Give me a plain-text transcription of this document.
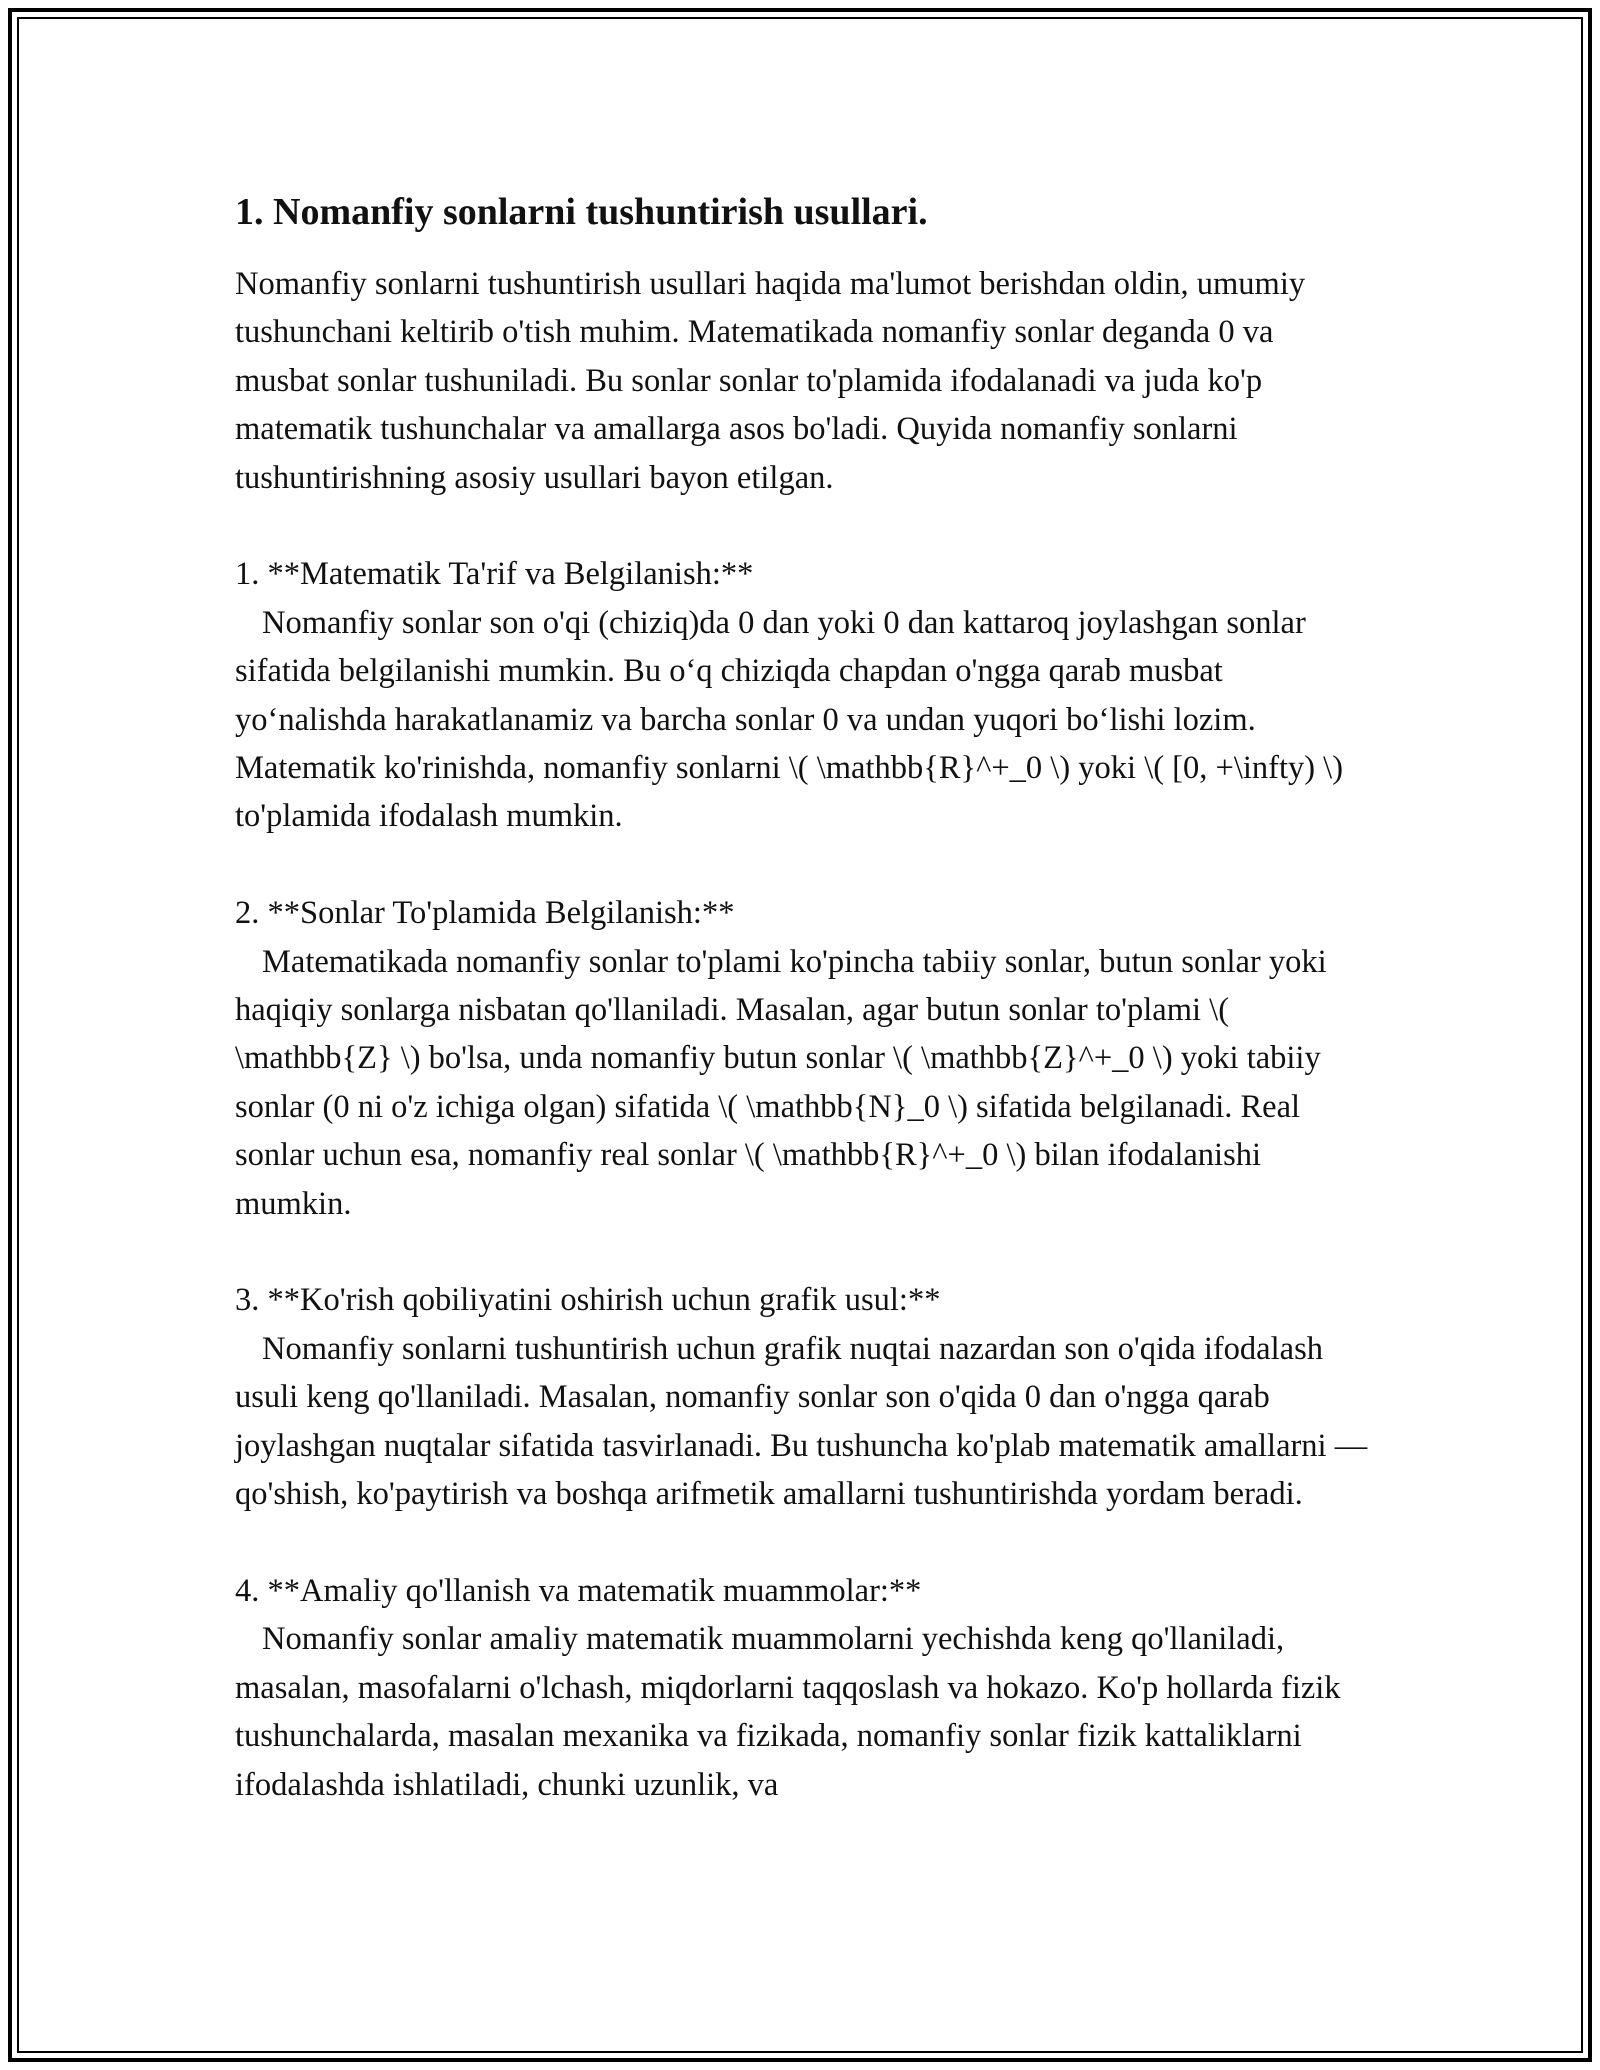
1. Nomanfiy sonlarni tushuntirish usullari.

Nomanfiy sonlarni tushuntirish usullari haqida ma'lumot berishdan oldin, umumiy tushunchani keltirib o'tish muhim. Matematikada nomanfiy sonlar deganda 0 va musbat sonlar tushuniladi. Bu sonlar sonlar to'plamida ifodalanadi va juda ko'p matematik tushunchalar va amallarga asos bo'ladi. Quyida nomanfiy sonlarni tushuntirishning asosiy usullari bayon etilgan.

1. **Matematik Ta'rif va Belgilanish:**
Nomanfiy sonlar son o'qi (chiziq)da 0 dan yoki 0 dan kattaroq joylashgan sonlar sifatida belgilanishi mumkin. Bu o‘q chiziqda chapdan o'ngga qarab musbat yo‘nalishda harakatlanamiz va barcha sonlar 0 va undan yuqori bo‘lishi lozim. Matematik ko'rinishda, nomanfiy sonlarni \( \mathbb{R}^+_0 \) yoki \( [0, +\infty) \) to'plamida ifodalash mumkin.
2. **Sonlar To'plamida Belgilanish:**
Matematikada nomanfiy sonlar to'plami ko'pincha tabiiy sonlar, butun sonlar yoki haqiqiy sonlarga nisbatan qo'llaniladi. Masalan, agar butun sonlar to'plami \( \mathbb{Z} \) bo'lsa, unda nomanfiy butun sonlar \( \mathbb{Z}^+_0 \) yoki tabiiy sonlar (0 ni o'z ichiga olgan) sifatida \( \mathbb{N}_0 \) sifatida belgilanadi. Real sonlar uchun esa, nomanfiy real sonlar \( \mathbb{R}^+_0 \) bilan ifodalanishi mumkin.
3. **Ko'rish qobiliyatini oshirish uchun grafik usul:**
Nomanfiy sonlarni tushuntirish uchun grafik nuqtai nazardan son o'qida ifodalash usuli keng qo'llaniladi. Masalan, nomanfiy sonlar son o'qida 0 dan o'ngga qarab joylashgan nuqtalar sifatida tasvirlanadi. Bu tushuncha ko'plab matematik amallarni — qo'shish, ko'paytirish va boshqa arifmetik amallarni tushuntirishda yordam beradi.
4. **Amaliy qo'llanish va matematik muammolar:**
Nomanfiy sonlar amaliy matematik muammolarni yechishda keng qo'llaniladi, masalan, masofalarni o'lchash, miqdorlarni taqqoslash va hokazo. Ko'p hollarda fizik tushunchalarda, masalan mexanika va fizikada, nomanfiy sonlar fizik kattaliklarni ifodalashda ishlatiladi, chunki uzunlik, va
